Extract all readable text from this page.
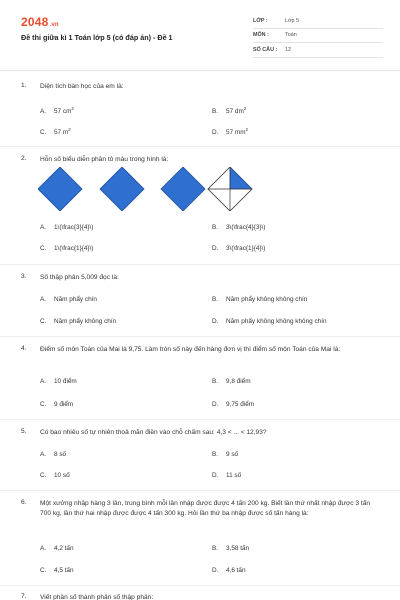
2048.vn
Đề thi giữa kì 1 Toán lớp 5 (có đáp án) - Đề 1
LỚP :	Lớp 5
MÔN :	Toán
SỐ CÂU :	12
1.	Diện tích bàn học của em là:
A. 57 $cm^2$	B. 57 $dm^2$
C. 57 $m^2$	D. 57 $mm^2$
2.	Hỗn số biểu diễn phần tô màu trong hình là:
A. 1\(\frac{3}{4}\)	B. 3\(\frac{4}{3}\)
C. 1\(\frac{1}{4}\)	D. 3\(\frac{1}{4}\)
3.	Số thập phân 5,009 đọc là:
A. Năm phẩy chín	B. Năm phẩy không không chín
C. Năm phẩy không chín	D. Năm phẩy không không không chín
4.	Điểm số môn Toán của Mai là 9,75. Làm tròn số này đến hàng đơn vị thì điểm số môn Toán của Mai là:
A. 10 điểm	B. 9,8 điểm
C. 9 điểm	D. 9,75 điểm
5.	Có bao nhiêu số tự nhiên thoả mãn điền vào chỗ chấm sau: 4,3 < ... < 12,93?
A. 8 số	B. 9 số
C. 10 số	D. 11 số
6.	Một xưởng nhập hàng 3 lần, trung bình mỗi lần nhập được được 4 tấn 200 kg. Biết lần thứ nhất nhập được 3 tấn 700 kg, lần thứ hai nhập được được 4 tấn 300 kg. Hỏi lần thứ ba nhập được số tấn hàng là:
A. 4,2 tấn	B. 3,58 tấn
C. 4,5 tấn	D. 4,6 tấn
7.	Viết phân số thành phân số thập phân:
